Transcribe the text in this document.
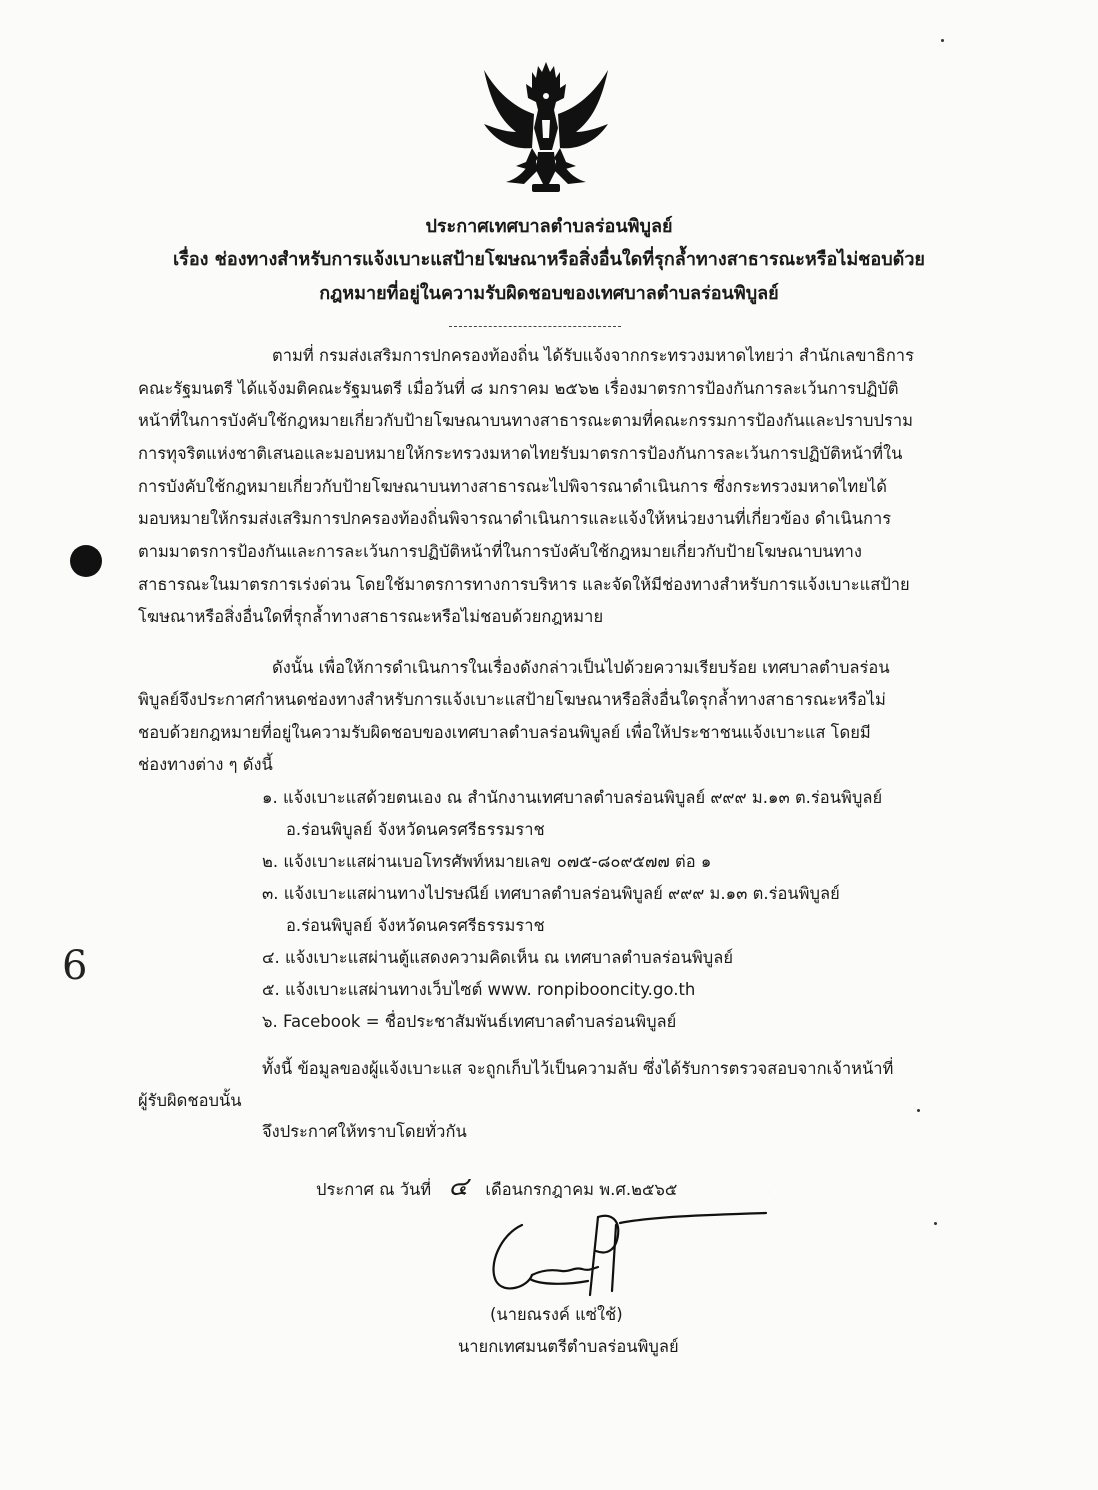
ประกาศเทศบาลตำบลร่อนพิบูลย์
เรื่อง ช่องทางสำหรับการแจ้งเบาะแสป้ายโฆษณาหรือสิ่งอื่นใดที่รุกล้ำทางสาธารณะหรือไม่ชอบด้วย
กฎหมายที่อยู่ในความรับผิดชอบของเทศบาลตำบลร่อนพิบูลย์
ตามที่ กรมส่งเสริมการปกครองท้องถิ่น ได้รับแจ้งจากกระทรวงมหาดไทยว่า สำนักเลขาธิการ
คณะรัฐมนตรี ได้แจ้งมติคณะรัฐมนตรี เมื่อวันที่ ๘ มกราคม ๒๕๖๒ เรื่องมาตรการป้องกันการละเว้นการปฏิบัติ
หน้าที่ในการบังคับใช้กฎหมายเกี่ยวกับป้ายโฆษณาบนทางสาธารณะตามที่คณะกรรมการป้องกันและปราบปราม
การทุจริตแห่งชาติเสนอและมอบหมายให้กระทรวงมหาดไทยรับมาตรการป้องกันการละเว้นการปฏิบัติหน้าที่ใน
การบังคับใช้กฎหมายเกี่ยวกับป้ายโฆษณาบนทางสาธารณะไปพิจารณาดำเนินการ ซึ่งกระทรวงมหาดไทยได้
มอบหมายให้กรมส่งเสริมการปกครองท้องถิ่นพิจารณาดำเนินการและแจ้งให้หน่วยงานที่เกี่ยวข้อง ดำเนินการ
ตามมาตรการป้องกันและการละเว้นการปฏิบัติหน้าที่ในการบังคับใช้กฎหมายเกี่ยวกับป้ายโฆษณาบนทาง
สาธารณะในมาตรการเร่งด่วน โดยใช้มาตรการทางการบริหาร และจัดให้มีช่องทางสำหรับการแจ้งเบาะแสป้าย
โฆษณาหรือสิ่งอื่นใดที่รุกล้ำทางสาธารณะหรือไม่ชอบด้วยกฎหมาย
ดังนั้น เพื่อให้การดำเนินการในเรื่องดังกล่าวเป็นไปด้วยความเรียบร้อย เทศบาลตำบลร่อน
พิบูลย์จึงประกาศกำหนดช่องทางสำหรับการแจ้งเบาะแสป้ายโฆษณาหรือสิ่งอื่นใดรุกล้ำทางสาธารณะหรือไม่
ชอบด้วยกฎหมายที่อยู่ในความรับผิดชอบของเทศบาลตำบลร่อนพิบูลย์ เพื่อให้ประชาชนแจ้งเบาะแส โดยมี
ช่องทางต่าง ๆ ดังนี้
๑. แจ้งเบาะแสด้วยตนเอง ณ สำนักงานเทศบาลตำบลร่อนพิบูลย์ ๙๙๙ ม.๑๓ ต.ร่อนพิบูลย์
อ.ร่อนพิบูลย์ จังหวัดนครศรีธรรมราช
๒. แจ้งเบาะแสผ่านเบอโทรศัพท์หมายเลข ๐๗๕-๘๐๙๕๗๗ ต่อ ๑
๓. แจ้งเบาะแสผ่านทางไปรษณีย์ เทศบาลตำบลร่อนพิบูลย์ ๙๙๙ ม.๑๓ ต.ร่อนพิบูลย์
อ.ร่อนพิบูลย์ จังหวัดนครศรีธรรมราช
๔. แจ้งเบาะแสผ่านตู้แสดงความคิดเห็น ณ เทศบาลตำบลร่อนพิบูลย์
๕. แจ้งเบาะแสผ่านทางเว็บไซต์ www. ronpibooncity.go.th
๖. Facebook = ชื่อประชาสัมพันธ์เทศบาลตำบลร่อนพิบูลย์
ทั้งนี้ ข้อมูลของผู้แจ้งเบาะแส จะถูกเก็บไว้เป็นความลับ ซึ่งได้รับการตรวจสอบจากเจ้าหน้าที่
ผู้รับผิดชอบนั้น
จึงประกาศให้ทราบโดยทั่วกัน
ประกาศ ณ วันที่ ๔ เดือนกรกฎาคม พ.ศ.๒๕๖๕
(นายณรงค์ แซ่ใช้)
นายกเทศมนตรีตำบลร่อนพิบูลย์
6
